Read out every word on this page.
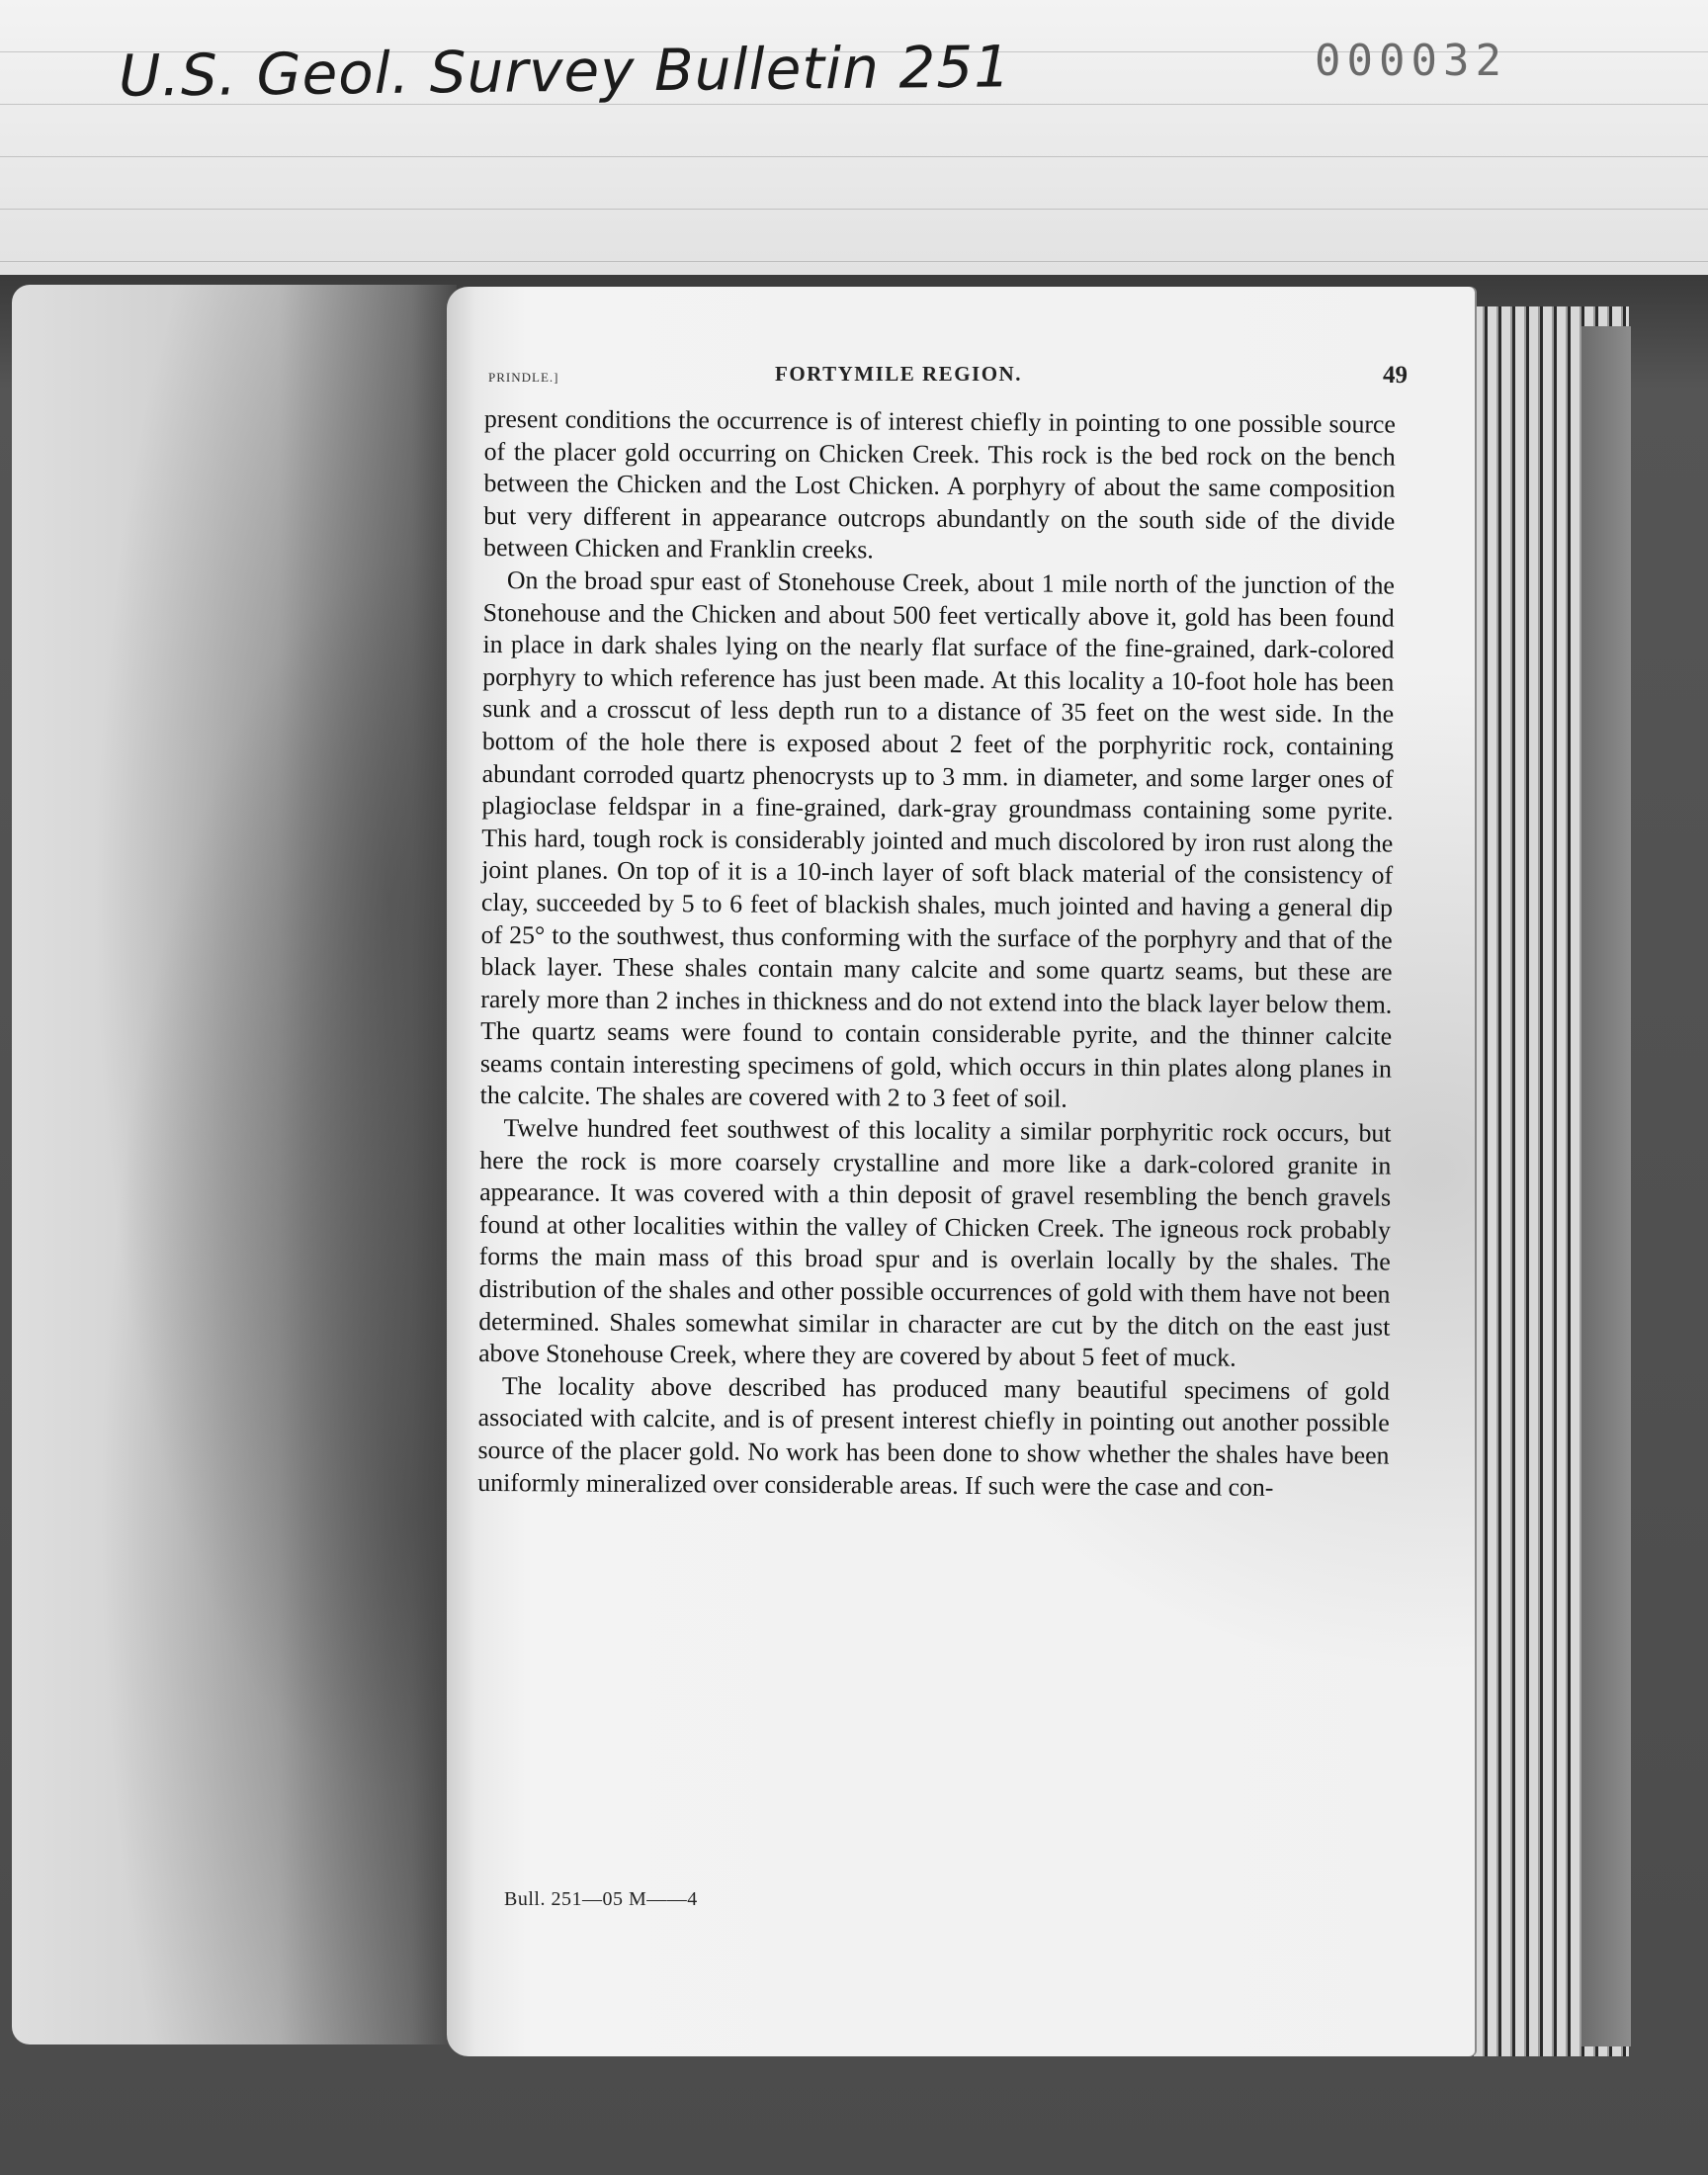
U.S. Geol. Survey Bulletin 251	000032
PRINDLE.]	FORTYMILE REGION.	49

present conditions the occurrence is of interest chiefly in pointing to one possible source of the placer gold occurring on Chicken Creek. This rock is the bed rock on the bench between the Chicken and the Lost Chicken. A porphyry of about the same composition but very different in appearance outcrops abundantly on the south side of the divide between Chicken and Franklin creeks.

On the broad spur east of Stonehouse Creek, about 1 mile north of the junction of the Stonehouse and the Chicken and about 500 feet vertically above it, gold has been found in place in dark shales lying on the nearly flat surface of the fine-grained, dark-colored porphyry to which reference has just been made. At this locality a 10-foot hole has been sunk and a crosscut of less depth run to a distance of 35 feet on the west side. In the bottom of the hole there is exposed about 2 feet of the porphyritic rock, containing abundant corroded quartz phenocrysts up to 3 mm. in diameter, and some larger ones of plagioclase feldspar in a fine-grained, dark-gray groundmass containing some pyrite. This hard, tough rock is considerably jointed and much discolored by iron rust along the joint planes. On top of it is a 10-inch layer of soft black material of the consistency of clay, succeeded by 5 to 6 feet of blackish shales, much jointed and having a general dip of 25° to the southwest, thus conforming with the surface of the porphyry and that of the black layer. These shales contain many calcite and some quartz seams, but these are rarely more than 2 inches in thickness and do not extend into the black layer below them. The quartz seams were found to contain considerable pyrite, and the thinner calcite seams contain interesting specimens of gold, which occurs in thin plates along planes in the calcite. The shales are covered with 2 to 3 feet of soil.

Twelve hundred feet southwest of this locality a similar porphyritic rock occurs, but here the rock is more coarsely crystalline and more like a dark-colored granite in appearance. It was covered with a thin deposit of gravel resembling the bench gravels found at other localities within the valley of Chicken Creek. The igneous rock probably forms the main mass of this broad spur and is overlain locally by the shales. The distribution of the shales and other possible occurrences of gold with them have not been determined. Shales somewhat similar in character are cut by the ditch on the east just above Stonehouse Creek, where they are covered by about 5 feet of muck.

The locality above described has produced many beautiful specimens of gold associated with calcite, and is of present interest chiefly in pointing out another possible source of the placer gold. No work has been done to show whether the shales have been uniformly mineralized over considerable areas. If such were the case and con-

Bull. 251—05 M——4
